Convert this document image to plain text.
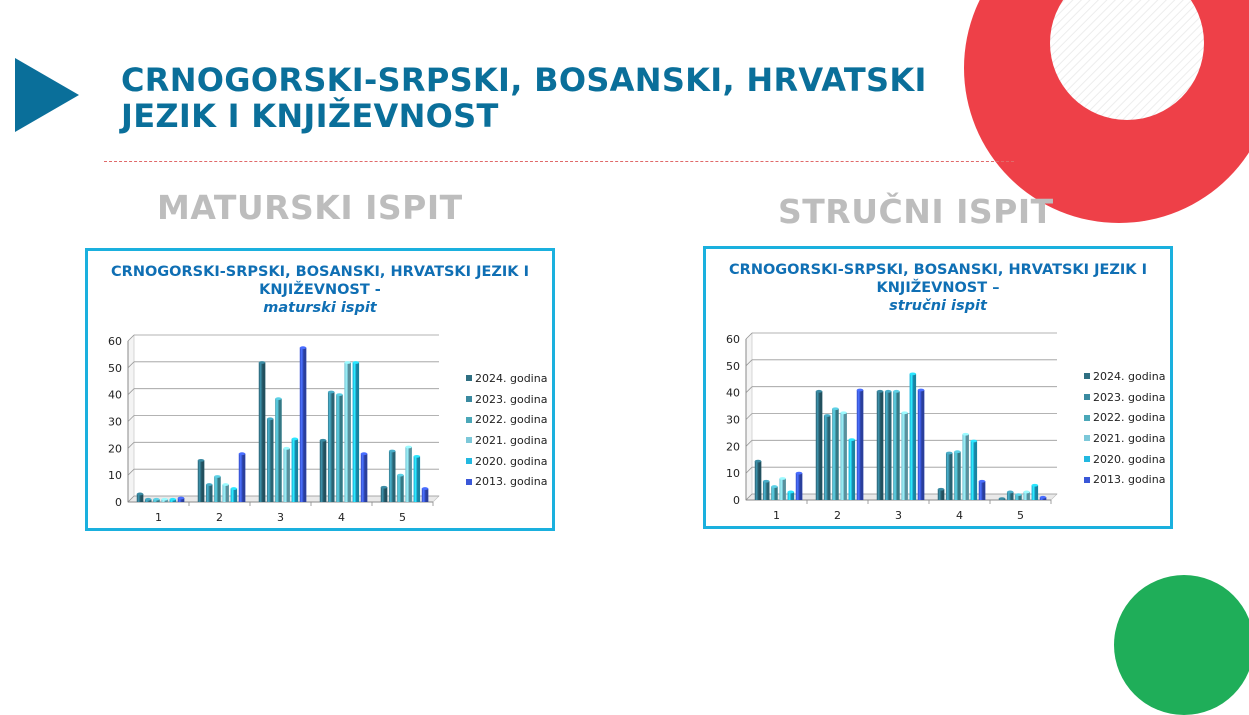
CRNOGORSKI-SRPSKI, BOSANSKI, HRVATSKI
JEZIK I KNJIŽEVNOST
MATURSKI ISPIT	STRUČNI ISPIT
CRNOGORSKI-SRPSKI, BOSANSKI, HRVATSKI JEZIK I KNJIŽEVNOST -
maturski ispit
0
10
20
30
40
50
60
1	2	3	4	5
2024. godina
2023. godina
2022. godina
2021. godina
2020. godina
2013. godina
CRNOGORSKI-SRPSKI, BOSANSKI, HRVATSKI JEZIK I KNJIŽEVNOST –
stručni ispit
0
10
20
30
40
50
60
1	2	3	4	5
2024. godina
2023. godina
2022. godina
2021. godina
2020. godina
2013. godina
